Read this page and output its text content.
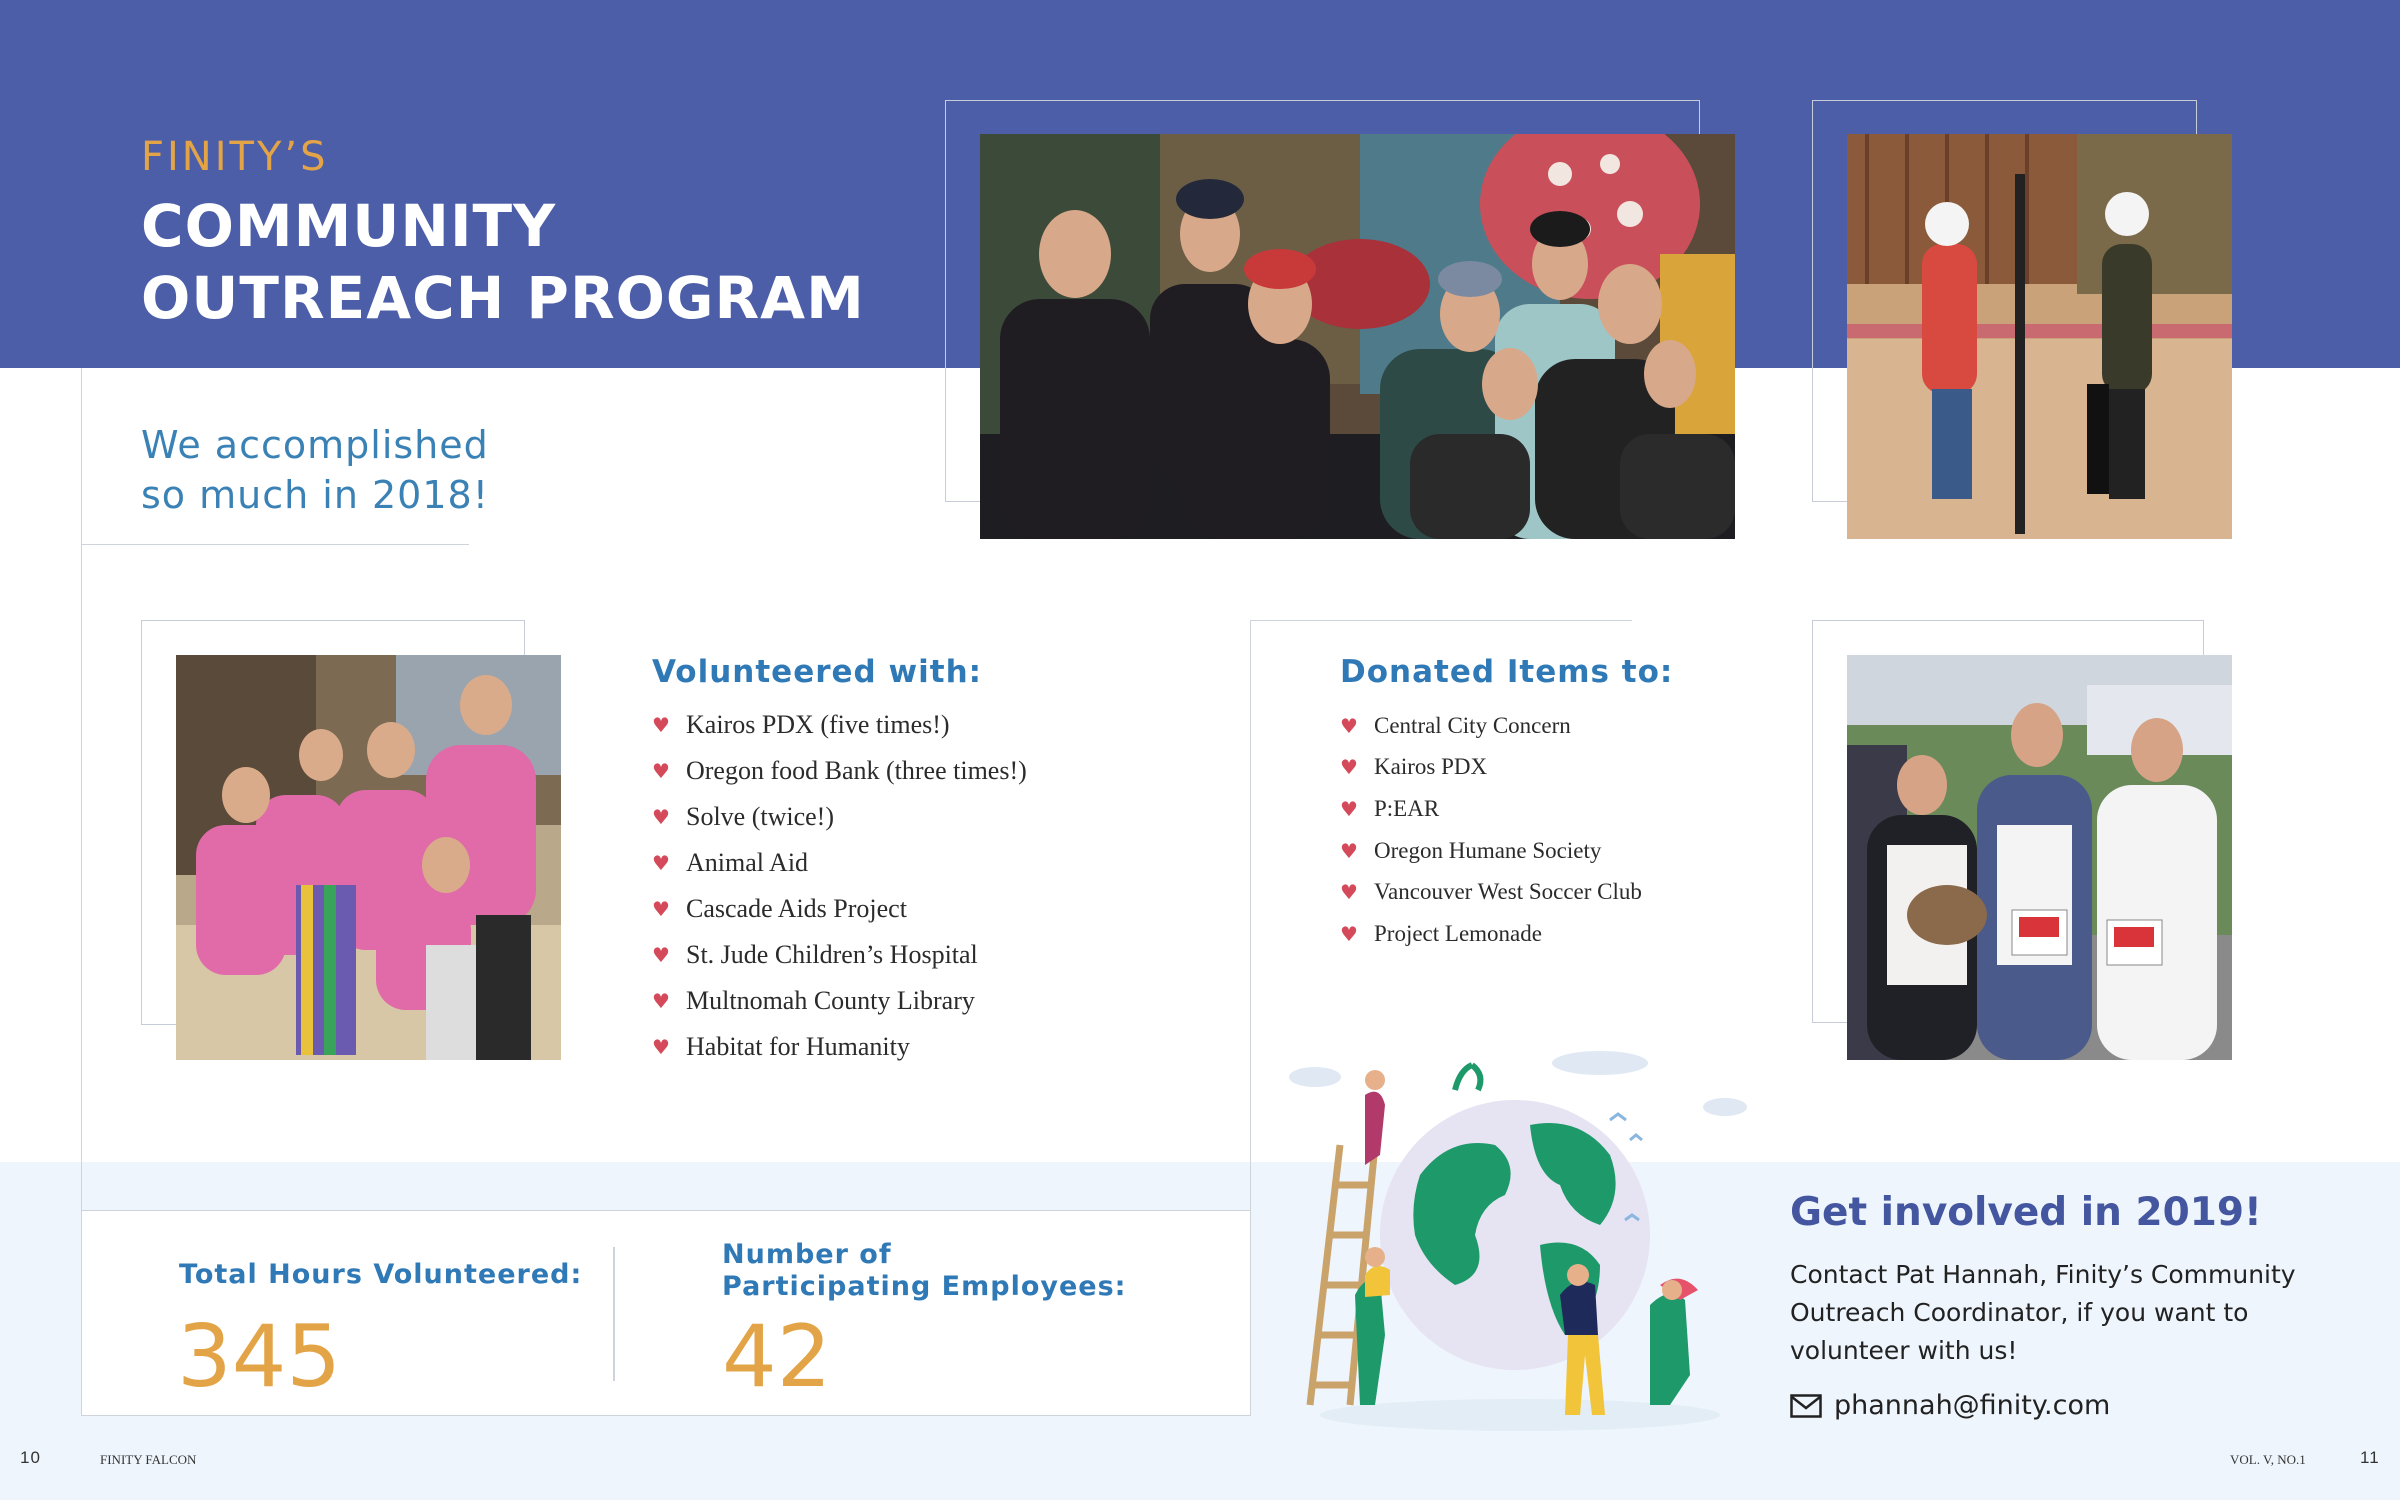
FINITY’S
COMMUNITY
OUTREACH PROGRAM
We accomplished
so much in 2018!
Volunteered with:
♥ Kairos PDX (five times!)
♥ Oregon food Bank (three times!)
♥ Solve (twice!)
♥ Animal Aid
♥ Cascade Aids Project
♥ St. Jude Children’s Hospital
♥ Multnomah County Library
♥ Habitat for Humanity
Donated Items to:
♥ Central City Concern
♥ Kairos PDX
♥ P:EAR
♥ Oregon Humane Society
♥ Vancouver West Soccer Club
♥ Project Lemonade
Total Hours Volunteered:
345
Number of
Participating Employees:
42
Get involved in 2019!
Contact Pat Hannah, Finity’s Community Outreach Coordinator, if you want to volunteer with us!
phannah@finity.com
10	FINITY FALCON	VOL. V, NO.1	11
